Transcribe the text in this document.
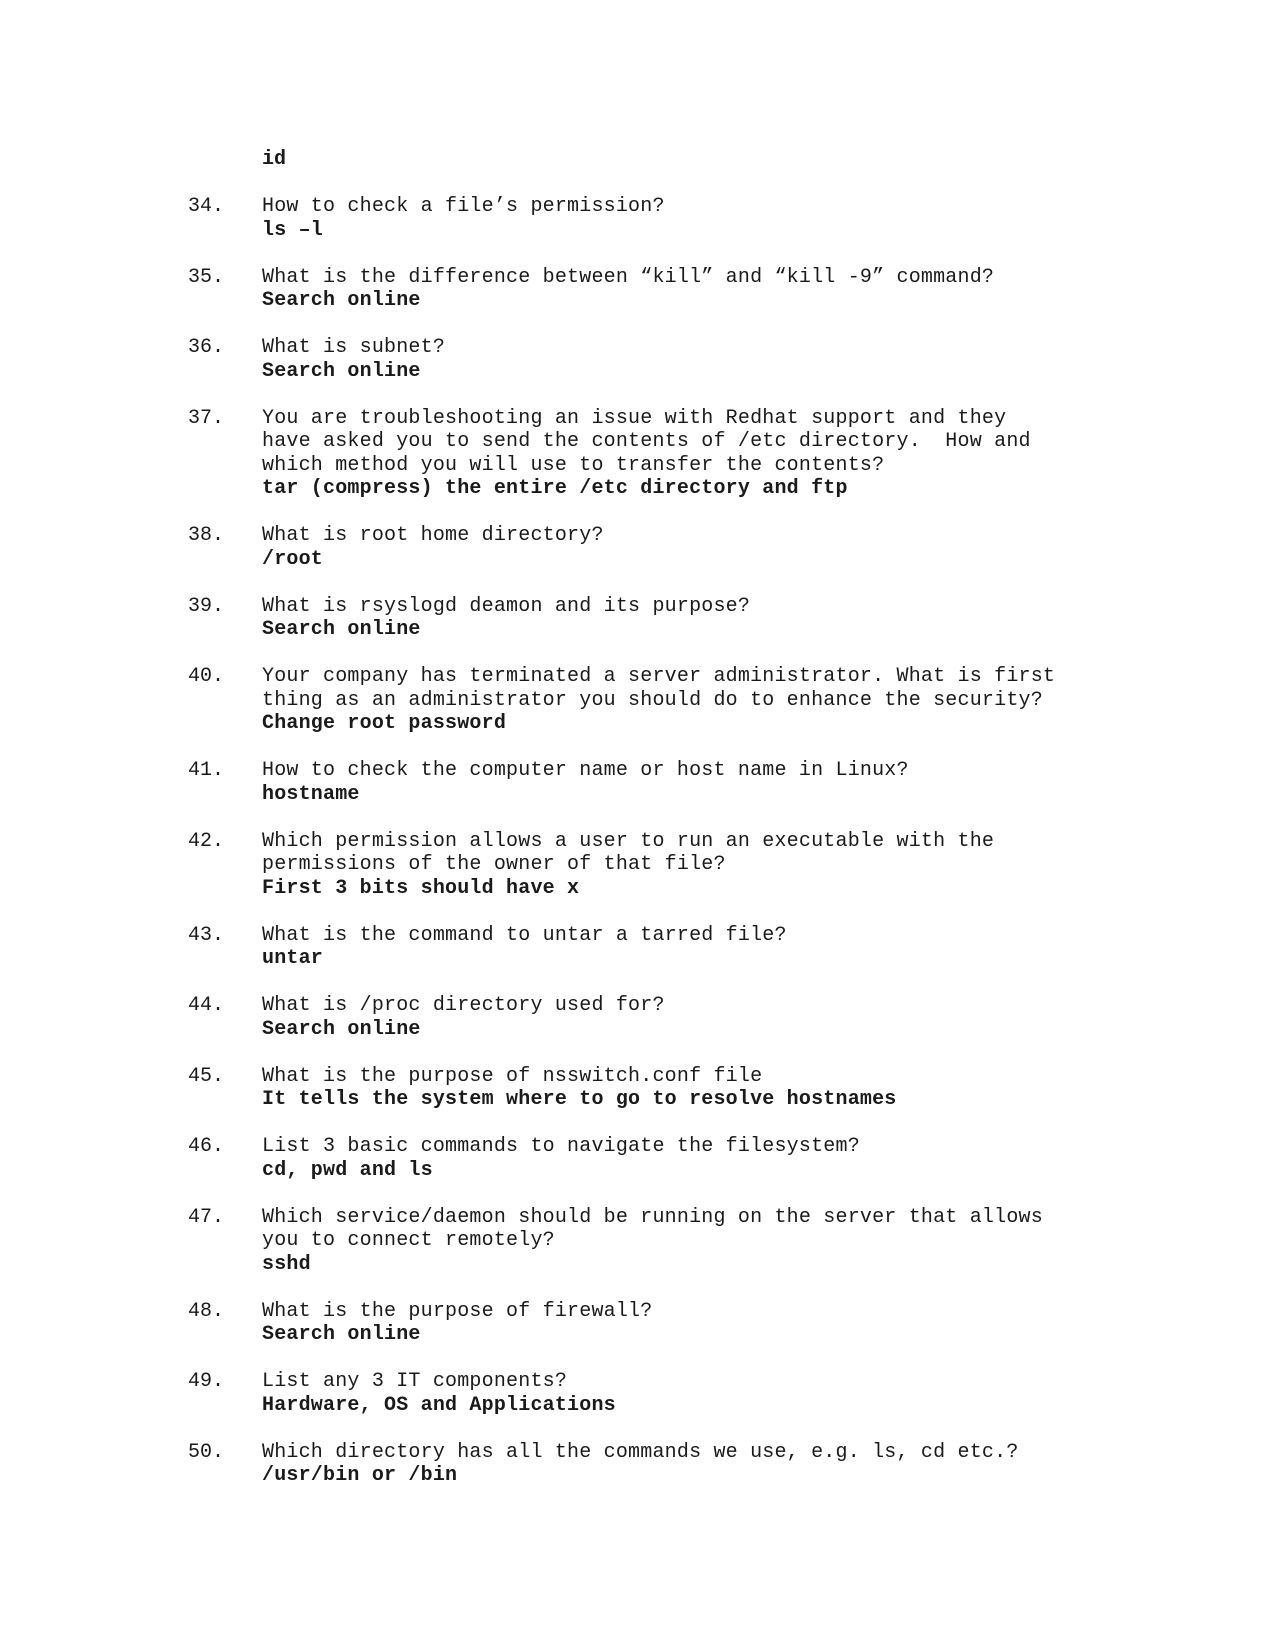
id

34. How to check a file’s permission?
ls –l
35. What is the difference between “kill” and “kill -9” command?
Search online
36. What is subnet?
Search online
37. You are troubleshooting an issue with Redhat support and they
have asked you to send the contents of /etc directory.  How and
which method you will use to transfer the contents?
tar (compress) the entire /etc directory and ftp
38. What is root home directory?
/root
39. What is rsyslogd deamon and its purpose?
Search online
40. Your company has terminated a server administrator. What is first
thing as an administrator you should do to enhance the security?
Change root password
41. How to check the computer name or host name in Linux?
hostname
42. Which permission allows a user to run an executable with the
permissions of the owner of that file?
First 3 bits should have x
43. What is the command to untar a tarred file?
untar
44. What is /proc directory used for?
Search online
45. What is the purpose of nsswitch.conf file
It tells the system where to go to resolve hostnames
46. List 3 basic commands to navigate the filesystem?
cd, pwd and ls
47. Which service/daemon should be running on the server that allows
you to connect remotely?
sshd
48. What is the purpose of firewall?
Search online
49. List any 3 IT components?
Hardware, OS and Applications
50. Which directory has all the commands we use, e.g. ls, cd etc.?
/usr/bin or /bin
